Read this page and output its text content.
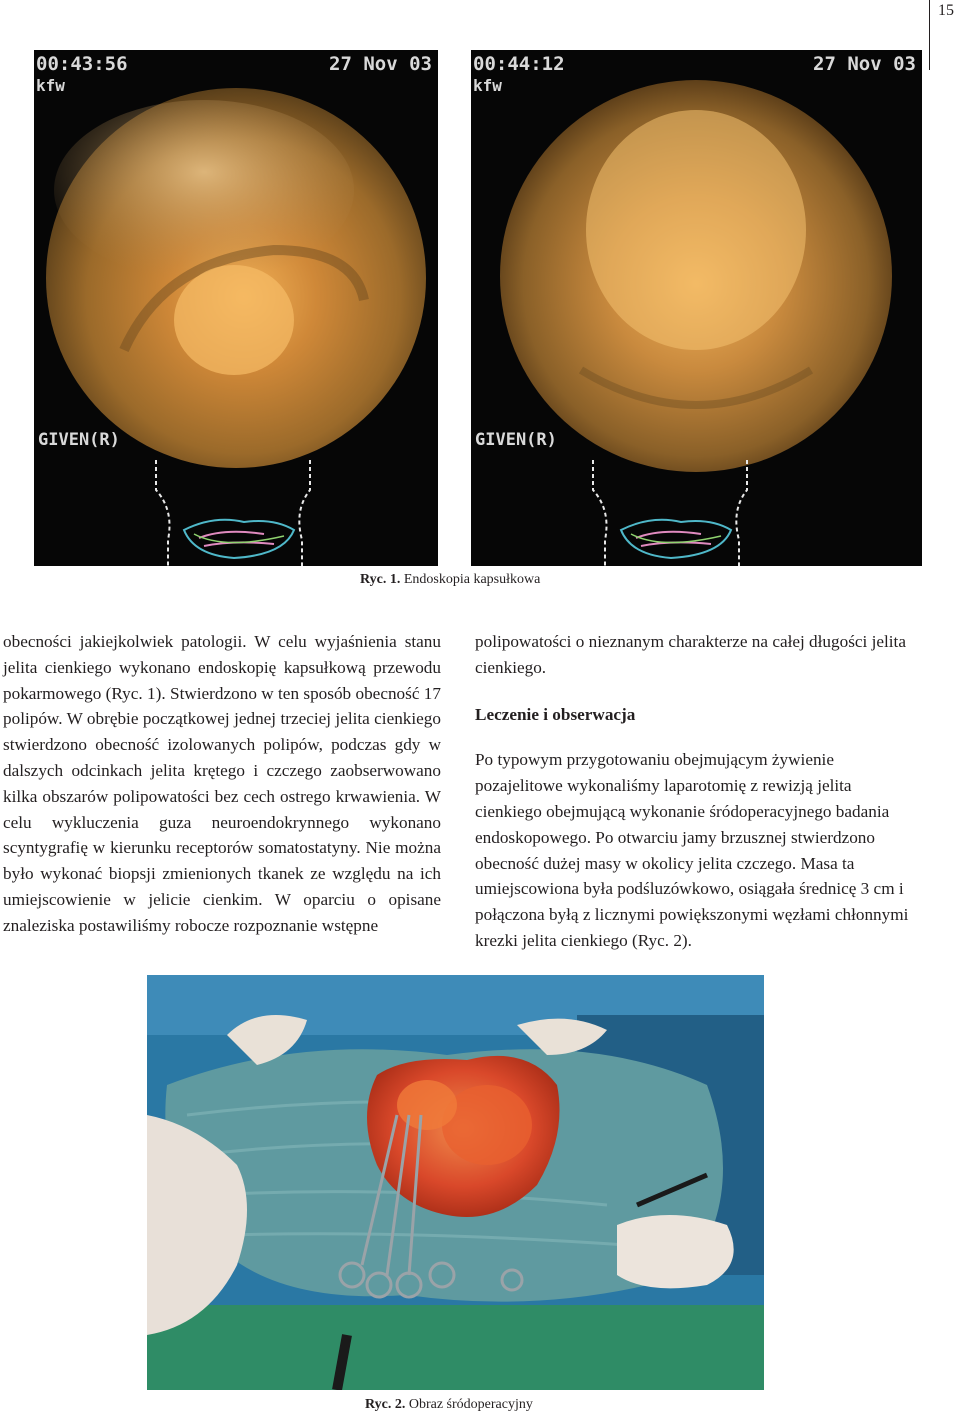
15
00:43:56	27 Nov 03
kfw
GIVEN(R)
00:44:12	27 Nov 03
kfw
GIVEN(R)
Ryc. 1. Endoskopia kapsułkowa

obecności jakiejkolwiek patologii. W celu wyjaśnienia stanu jelita cienkiego wykonano endoskopię kapsułkową przewodu pokarmowego (Ryc. 1). Stwierdzono w ten sposób obecność 17 polipów. W obrębie początkowej jednej trzeciej jelita cienkiego stwierdzono obecność izolowanych polipów, podczas gdy w dalszych odcinkach jelita krętego i czczego zaobserwowano kilka obszarów polipowatości bez cech ostrego krwawienia. W celu wykluczenia guza neuroendokrynnego wykonano scyntygrafię w kierunku receptorów somatostatyny. Nie można było wykonać biopsji zmienionych tkanek ze względu na ich umiejscowienie w jelicie cienkim. W oparciu o opisane znaleziska postawiliśmy robocze rozpoznanie wstępne

polipowatości o nieznanym charakterze na całej długości jelita cienkiego.

Leczenie i obserwacja

Po typowym przygotowaniu obejmującym żywienie pozajelitowe wykonaliśmy laparotomię z rewizją jelita cienkiego obejmującą wykonanie śródoperacyjnego badania endoskopowego. Po otwarciu jamy brzusznej stwierdzono obecność dużej masy w okolicy jelita czczego. Masa ta umiejscowiona była podśluzówkowo, osiągała średnicę 3 cm i połączona byłą z licznymi powiększonymi węzłami chłonnymi krezki jelita cienkiego (Ryc. 2).

Ryc. 2. Obraz śródoperacyjny
